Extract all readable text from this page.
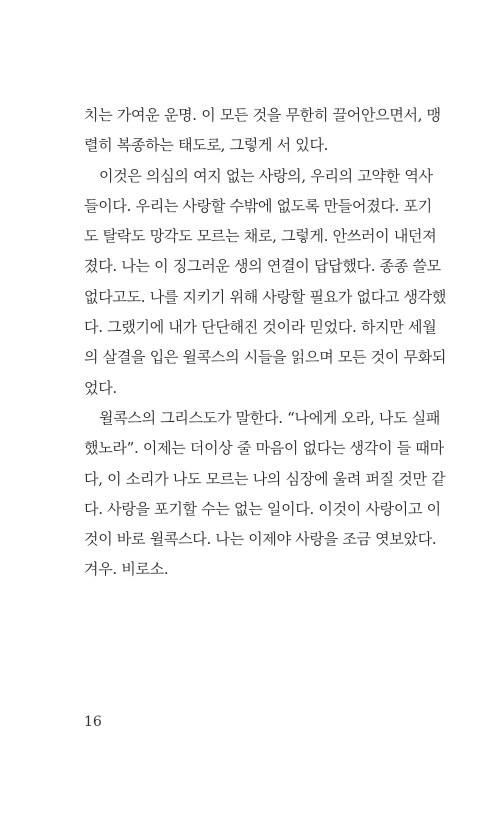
치는 가여운 운명. 이 모든 것을 무한히 끌어안으면서, 맹
렬히 복종하는 태도로, 그렇게 서 있다.
이것은 의심의 여지 없는 사랑의, 우리의 고약한 역사
들이다. 우리는 사랑할 수밖에 없도록 만들어졌다. 포기
도 탈락도 망각도 모르는 채로, 그렇게. 안쓰러이 내던져
졌다. 나는 이 징그러운 생의 연결이 답답했다. 종종 쓸모
없다고도. 나를 지키기 위해 사랑할 필요가 없다고 생각했
다. 그랬기에 내가 단단해진 것이라 믿었다. 하지만 세월
의 살결을 입은 윌콕스의 시들을 읽으며 모든 것이 무화되
었다.
윌콕스의 그리스도가 말한다. “나에게 오라, 나도 실패
했노라”. 이제는 더이상 줄 마음이 없다는 생각이 들 때마
다, 이 소리가 나도 모르는 나의 심장에 울려 퍼질 것만 같
다. 사랑을 포기할 수는 없는 일이다. 이것이 사랑이고 이
것이 바로 윌콕스다. 나는 이제야 사랑을 조금 엿보았다.
겨우. 비로소.
16
